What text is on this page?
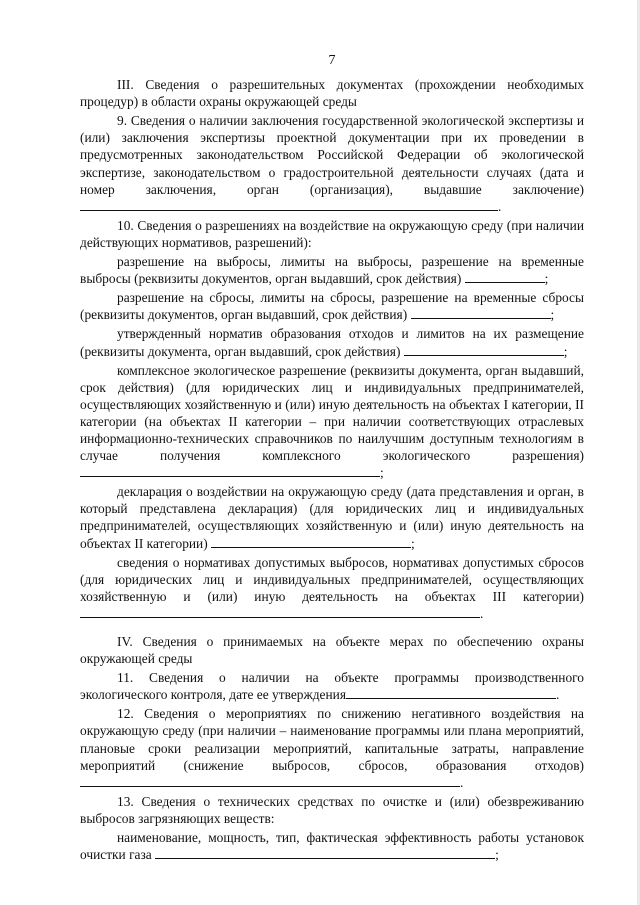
7
III. Сведения о разрешительных документах (прохождении необходимых процедур) в области охраны окружающей среды
9. Сведения о наличии заключения государственной экологической экспертизы и (или) заключения экспертизы проектной документации при их проведении в предусмотренных законодательством Российской Федерации об экологической экспертизе, законодательством о градостроительной деятельности случаях (дата и номер заключения, орган (организация), выдавшие заключение) .
10. Сведения о разрешениях на воздействие на окружающую среду (при наличии действующих нормативов, разрешений):
разрешение на выбросы, лимиты на выбросы, разрешение на временные выбросы (реквизиты документов, орган выдавший, срок действия)	;
разрешение на сбросы, лимиты на сбросы, разрешение на временные сбросы (реквизиты документов, орган выдавший, срок действия)	;
утвержденный норматив образования отходов и лимитов на их размещение (реквизиты документа, орган выдавший, срок действия)	;
комплексное экологическое разрешение (реквизиты документа, орган выдавший, срок действия) (для юридических лиц и индивидуальных предпринимателей, осуществляющих хозяйственную и (или) иную деятельность на объектах I категории, II категории (на объектах II категории – при наличии соответствующих отраслевых информационно-технических справочников по наилучшим доступным технологиям в случае получения комплексного экологического разрешения) ;
декларация о воздействии на окружающую среду (дата представления и орган, в который представлена декларация) (для юридических лиц и индивидуальных предпринимателей, осуществляющих хозяйственную и (или) иную деятельность на объектах II категории)	;
сведения о нормативах допустимых выбросов, нормативах допустимых сбросов (для юридических лиц и индивидуальных предпринимателей, осуществляющих хозяйственную и (или) иную деятельность на объектах III категории) .
IV. Сведения о принимаемых на объекте мерах по обеспечению охраны окружающей среды
11. Сведения о наличии на объекте программы производственного экологического контроля, дате ее утверждения	.
12. Сведения о мероприятиях по снижению негативного воздействия на окружающую среду (при наличии – наименование программы или плана мероприятий, плановые сроки реализации мероприятий, капитальные затраты, направление мероприятий (снижение выбросов, сбросов, образования отходов) .
13. Сведения о технических средствах по очистке и (или) обезвреживанию выбросов загрязняющих веществ:
наименование, мощность, тип, фактическая эффективность работы установок очистки газа	;
